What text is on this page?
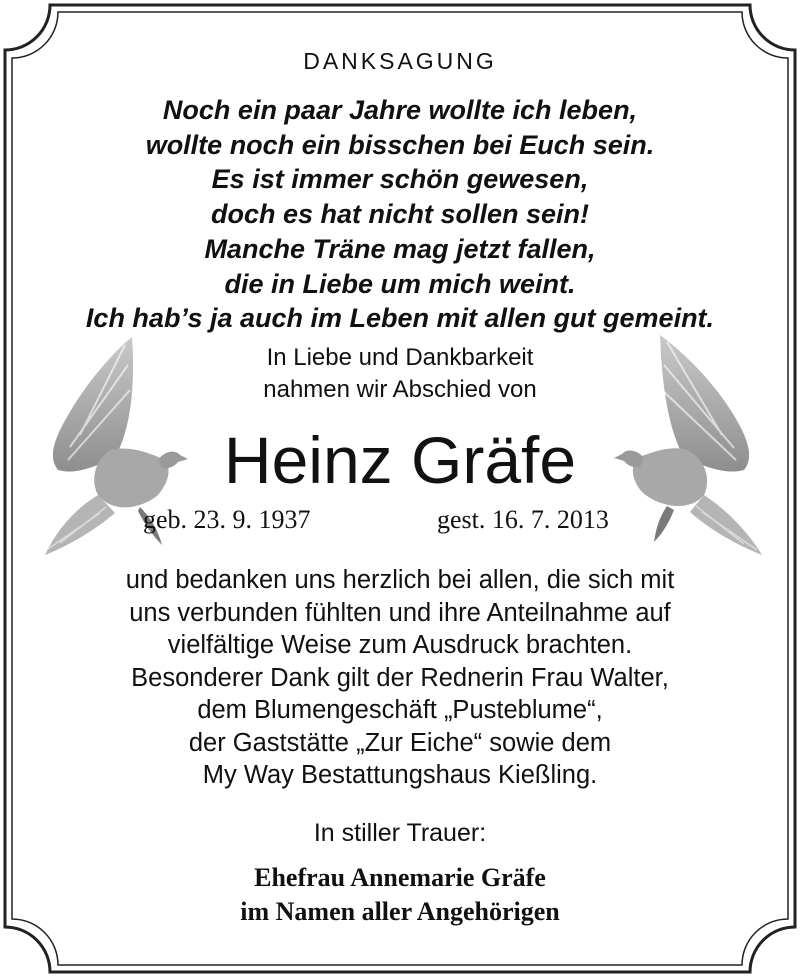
DANKSAGUNG
Noch ein paar Jahre wollte ich leben,
wollte noch ein bisschen bei Euch sein.
Es ist immer schön gewesen,
doch es hat nicht sollen sein!
Manche Träne mag jetzt fallen,
die in Liebe um mich weint.
Ich hab’s ja auch im Leben mit allen gut gemeint.
In Liebe und Dankbarkeit
nahmen wir Abschied von
Heinz Gräfe
geb. 23. 9. 1937	gest. 16. 7. 2013
und bedanken uns herzlich bei allen, die sich mit
uns verbunden fühlten und ihre Anteilnahme auf
vielfältige Weise zum Ausdruck brachten.
Besonderer Dank gilt der Rednerin Frau Walter,
dem Blumengeschäft „Pusteblume“,
der Gaststätte „Zur Eiche“ sowie dem
My Way Bestattungshaus Kießling.
In stiller Trauer:
Ehefrau Annemarie Gräfe
im Namen aller Angehörigen
